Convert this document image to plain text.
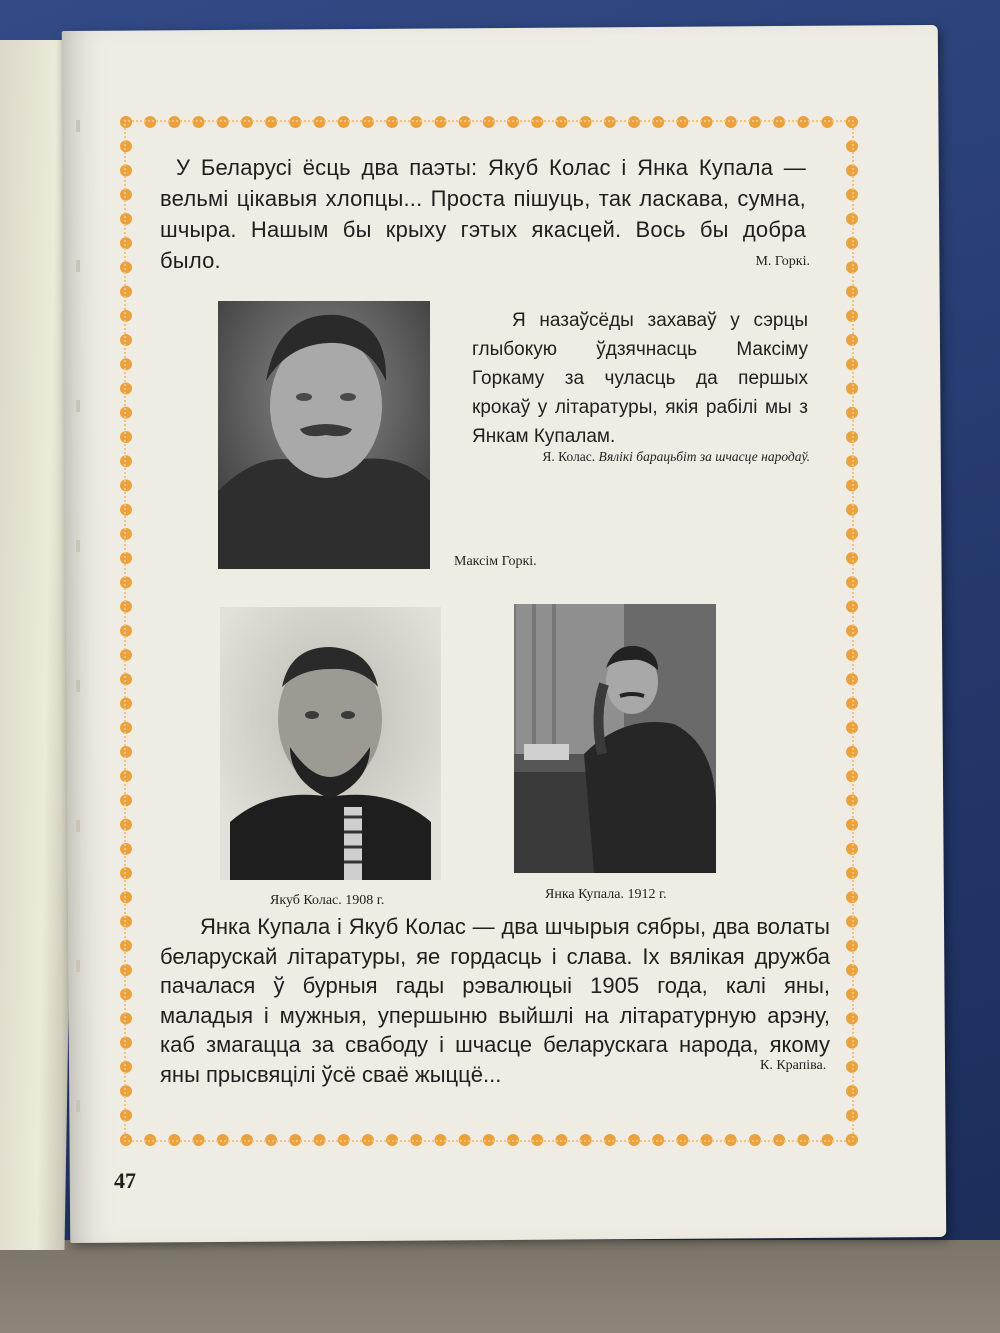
У Беларусі ёсць два паэты: Якуб Колас і Янка Купала — вельмі цікавыя хлопцы... Проста пішуць, так ласкава, сумна, шчыра. Нашым бы крыху гэтых якасцей. Вось бы добра было.	М. Горкі.

Я назаўсёды захаваў у сэрцы глыбокую ўдзячнасць Максіму Горкаму за чуласць да першых крокаў у літаратуры, якія рабілі мы з Янкам Купалам.

Я. Колас. Вялікі барацьбіт за шчасце народаў.
Максім Горкі.
Якуб Колас. 1908 г.	Янка Купала. 1912 г.

Янка Купала і Якуб Колас — два шчырыя сябры, два волаты беларускай літаратуры, яе гордасць і слава. Іх вялікая дружба пачалася ў бурныя гады рэвалюцыі 1905 года, калі яны, маладыя і мужныя, упершыню выйшлі на літаратурную арэну, каб змагацца за свабоду і шчасце беларускага народа, якому яны прысвяцілі ўсё сваё жыццё...	К. Крапіва.
47
